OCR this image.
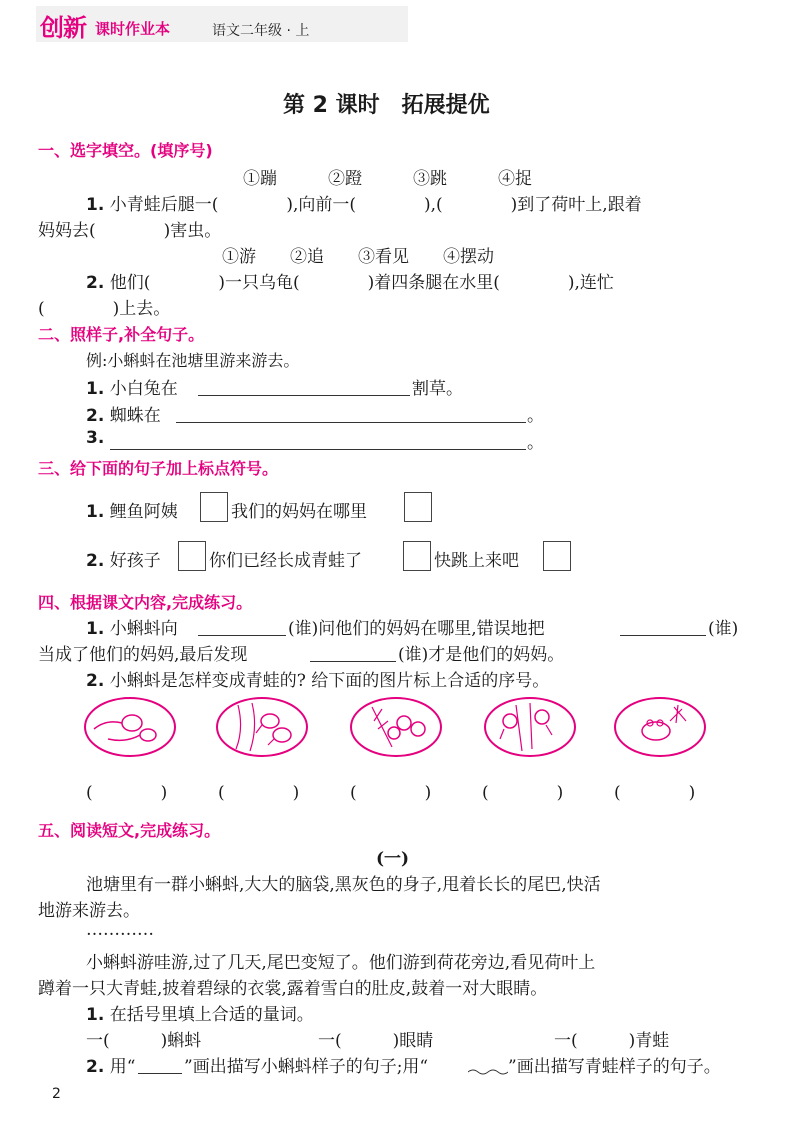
创新 课时作业本	语文二年级 · 上
第 2 课时　拓展提优
一、选字填空。(填序号)
①蹦　　　②蹬　　　③跳　　　④捉
1. 小青蛙后腿一(　　　　),向前一(　　　　),(　　　　)到了荷叶上,跟着
妈妈去(　　　　)害虫。
①游　　②追　　③看见　　④摆动
2. 他们(　　　　)一只乌龟(　　　　)着四条腿在水里(　　　　),连忙
(　　　　)上去。
二、照样子,补全句子。
例:小蝌蚪在池塘里游来游去。
1. 小白兔在	割草。
2. 蜘蛛在	。
3.	。
三、给下面的句子加上标点符号。
1. 鲤鱼阿姨	我们的妈妈在哪里
2. 好孩子	你们已经长成青蛙了	快跳上来吧
四、根据课文内容,完成练习。
1. 小蝌蚪向	(谁)问他们的妈妈在哪里,错误地把	(谁)
当成了他们的妈妈,最后发现	(谁)才是他们的妈妈。
2. 小蝌蚪是怎样变成青蛙的? 给下面的图片标上合适的序号。
(　　　　)	(　　　　)	(　　　　)	(　　　　)	(　　　　)
五、阅读短文,完成练习。
(一)
池塘里有一群小蝌蚪,大大的脑袋,黑灰色的身子,甩着长长的尾巴,快活
地游来游去。
…………
小蝌蚪游哇游,过了几天,尾巴变短了。他们游到荷花旁边,看见荷叶上
蹲着一只大青蛙,披着碧绿的衣裳,露着雪白的肚皮,鼓着一对大眼睛。
1. 在括号里填上合适的量词。
一(　　　)蝌蚪	一(　　　)眼睛	一(　　　)青蛙
2. 用“	”画出描写小蝌蚪样子的句子;用“	”画出描写青蛙样子的句子。
2
